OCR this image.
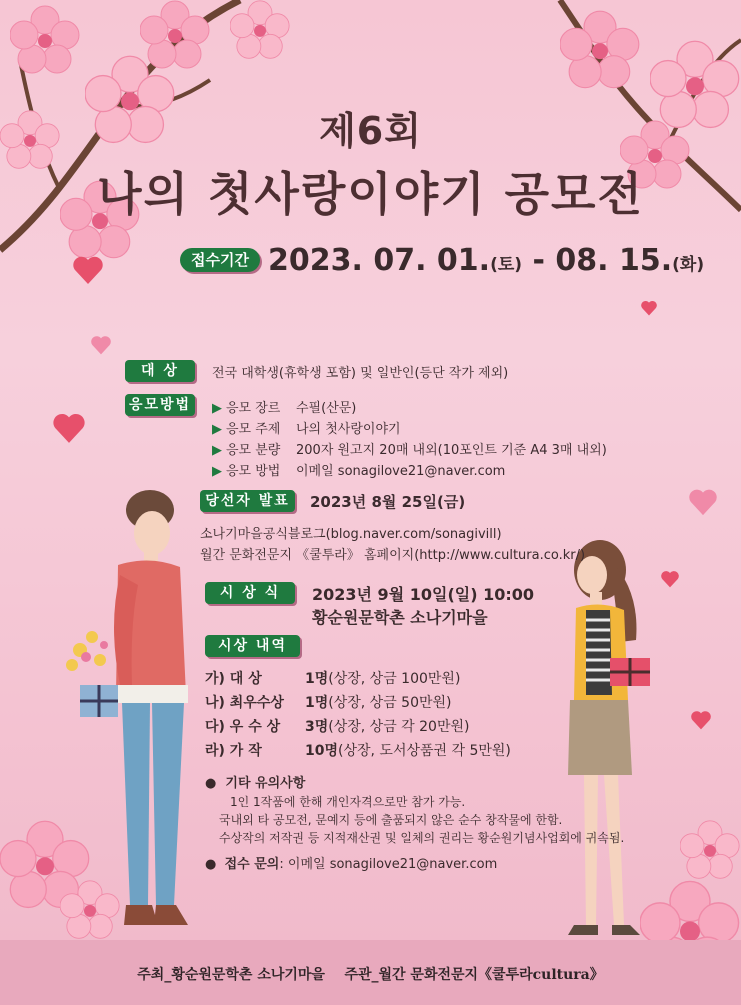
제6회
나의 첫사랑이야기 공모전
접수기간 2023. 07. 01.(토) - 08. 15.(화)
대 상	전국 대학생(휴학생 포함) 및 일반인(등단 작가 제외)
응모방법	▶ 응모 장르 수필(산문)
▶ 응모 주제 나의 첫사랑이야기
▶ 응모 분량 200자 원고지 20매 내외(10포인트 기준 A4 3매 내외)
▶ 응모 방법 이메일 sonagilove21@naver.com
당선자 발표	2023년 8월 25일(금)
소나기마을공식블로그(blog.naver.com/sonagivill)
월간 문화전문지 《쿨투라》 홈페이지(http://www.cultura.co.kr/)
시 상 식	2023년 9월 10일(일) 10:00
황순원문학촌 소나기마을
시상 내역
가) 대 상	1명(상장, 상금 100만원)
나) 최우수상 1명(상장, 상금 50만원)
다) 우 수 상 3명(상장, 상금 각 20만원)
라) 가 작	10명(상장, 도서상품권 각 5만원)
●  기타 유의사항
1인 1작품에 한해 개인자격으로만 참가 가능.
국내외 타 공모전, 문예지 등에 출품되지 않은 순수 창작물에 한함.
수상작의 저작권 등 지적재산권 및 일체의 권리는 황순원기념사업회에 귀속됨.
●  접수 문의: 이메일 sonagilove21@naver.com
주최_황순원문학촌 소나기마을 주관_월간 문화전문지《쿨투라cultura》
